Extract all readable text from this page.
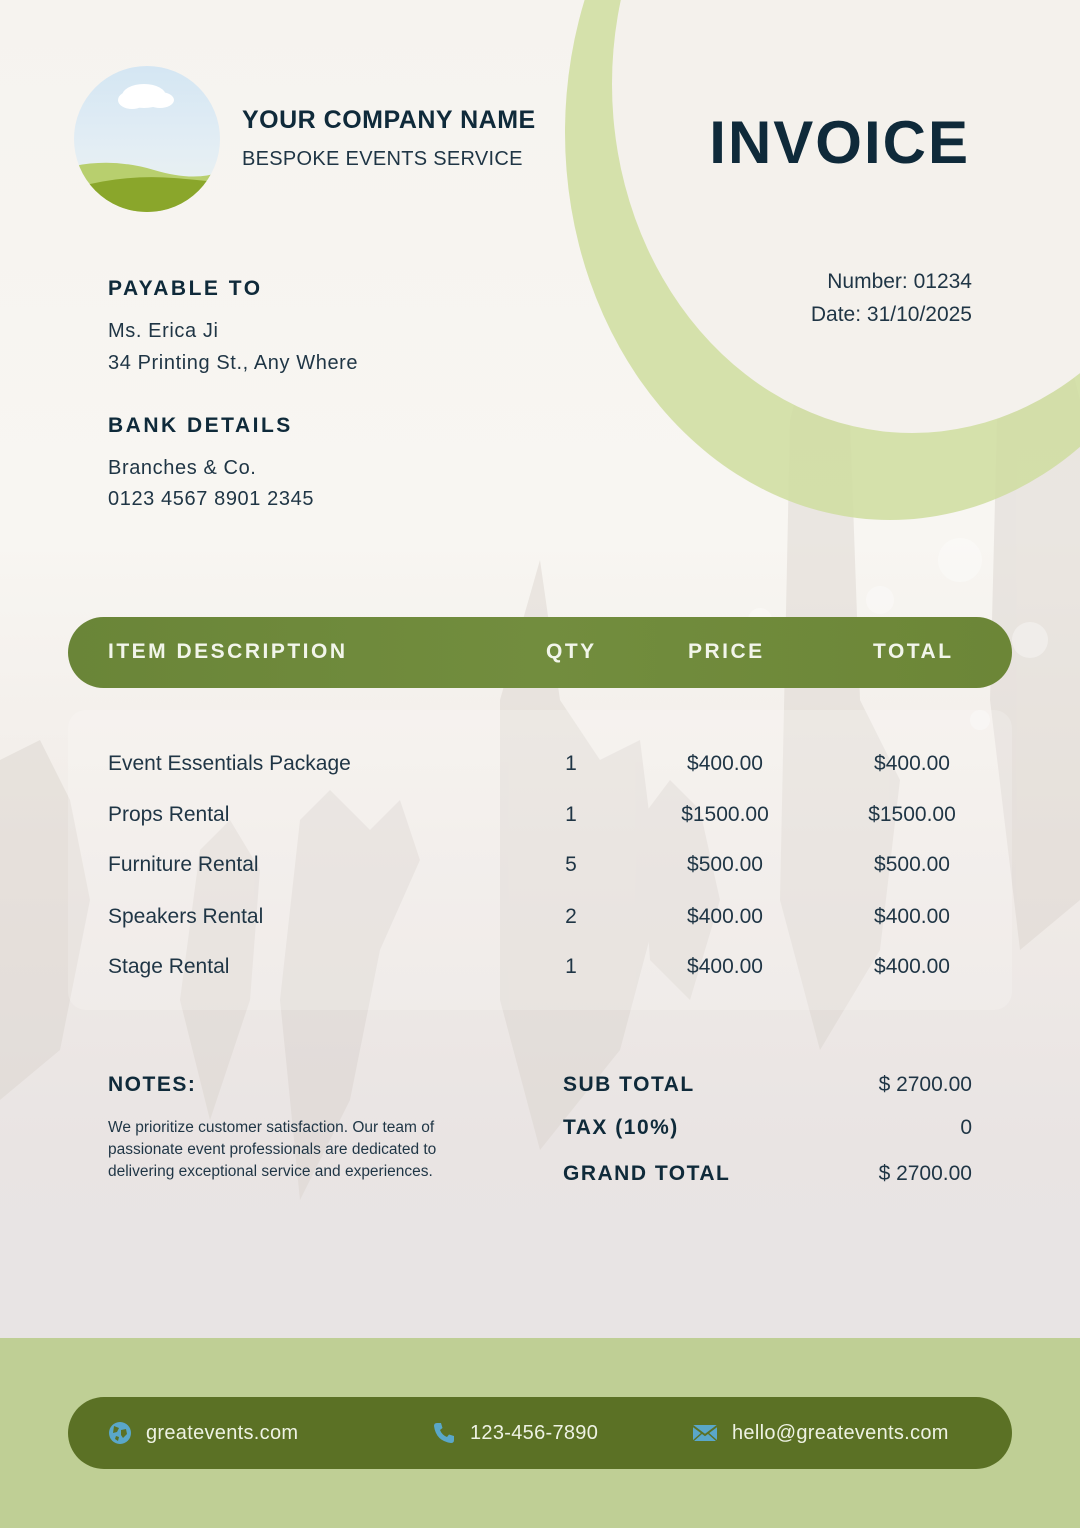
YOUR COMPANY NAME
BESPOKE EVENTS SERVICE	INVOICE
Number: 01234
Date: 31/10/2025
PAYABLE TO
Ms. Erica Ji
34 Printing St., Any Where
BANK DETAILS
Branches & Co.
0123 4567 8901 2345
ITEM DESCRIPTION	QTY	PRICE	TOTAL
Event Essentials Package	1	$400.00	$400.00
Props Rental	1	$1500.00	$1500.00
Furniture Rental	5	$500.00	$500.00
Speakers Rental	2	$400.00	$400.00
Stage Rental	1	$400.00	$400.00
NOTES:
We prioritize customer satisfaction. Our team of passionate event professionals are dedicated to delivering exceptional service and experiences.
SUB TOTAL	$ 2700.00
TAX (10%)	0
GRAND TOTAL	$ 2700.00
greatevents.com	123-456-7890	hello@greatevents.com
